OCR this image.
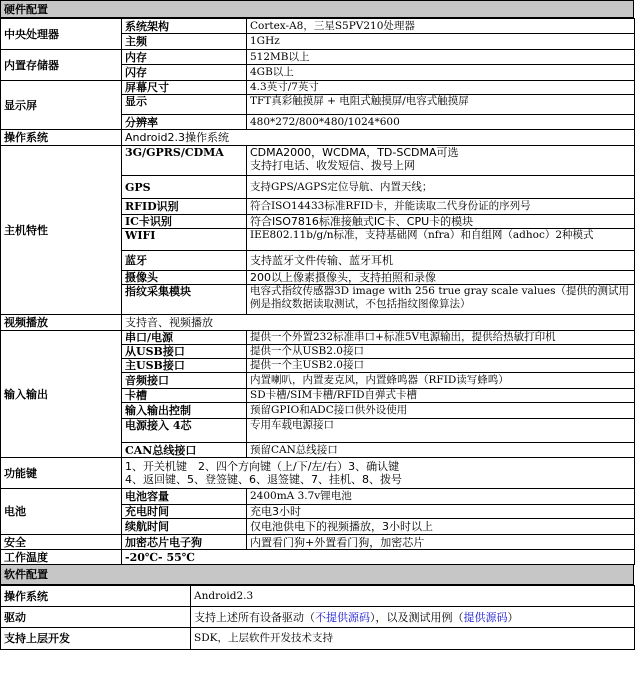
硬件配置
中央处理器	系统架构	Cortex-A8，三星S5PV210处理器
	主频	1GHz
内置存储器	内存	512MB以上
	闪存	4GB以上
显示屏	屏幕尺寸	4.3英寸/7英寸
	显示	TFT真彩触摸屏 + 电阻式触摸屏/电容式触摸屏
	分辨率	480*272/800*480/1024*600
操作系统	Android2.3操作系统	
主机特性	3G/GPRS/CDMA	CDMA2000，WCDMA，TD-SCDMA可选
支持打电话、收发短信、拨号上网

	GPS	支持GPS/AGPS定位导航、内置天线；
	RFID识别	符合ISO14433标准RFID卡，并能读取二代身份证的序列号
	IC卡识别	符合ISO7816标准接触式IC卡、CPU卡的模块
	WIFI	IEE802.11b/g/n标准，支持基础网（nfra）和自组网（adhoc）2种模式
	蓝牙	支持蓝牙文件传输、蓝牙耳机
	摄像头	200以上像素摄像头，支持拍照和录像
	指纹采集模块	电容式指纹传感器3D image with 256 true gray scale values（提供的测试用例是指纹数据读取测试，不包括指纹图像算法）
视频播放	支持音、视频播放	
输入输出	串口/电源	提供一个外置232标准串口+标准5V电源输出，提供给热敏打印机
	从USB接口	提供一个从USB2.0接口
	主USB接口	提供一个主USB2.0接口
	音频接口	内置喇叭，内置麦克风，内置蜂鸣器（RFID读写蜂鸣）
	卡槽	SD卡槽/SIM卡槽/RFID自弹式卡槽
	输入输出控制	预留GPIO和ADC接口供外设使用
	电源接入 4芯	专用车载电源接口
	CAN总线接口	预留CAN总线接口
功能键	1、开关机键　2、四个方向键（上/下/左/右）3、确认键
4、返回键、5、登签键、6、退签键、7、挂机、8、拨号	

电池	电池容量	2400mA 3.7v锂电池
	充电时间	充电3小时
	续航时间	仅电池供电下的视频播放，3小时以上
安全	加密芯片电子狗	内置看门狗+外置看门狗，加密芯片
工作温度	-20℃- 55℃	
软件配置
操作系统	Android2.3
驱动	支持上述所有设备驱动（不提供源码），以及测试用例（提供源码）
支持上层开发	SDK，上层软件开发技术支持
